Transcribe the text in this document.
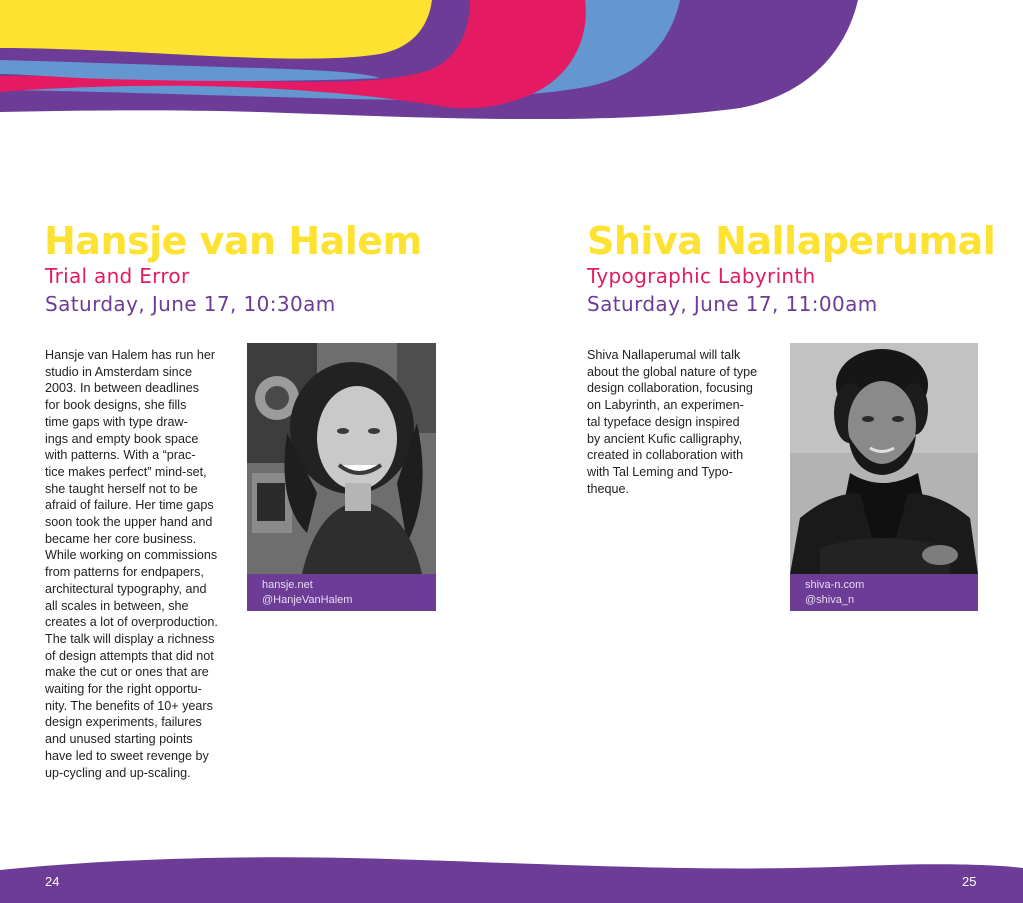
Hansje van Halem
Trial and Error
Saturday, June 17, 10:30am

Hansje van Halem has run her
studio in Amsterdam since
2003. In between deadlines
for book designs, she fills
time gaps with type draw-
ings and empty book space
with patterns. With a “prac-
tice makes perfect” mind-set,
she taught herself not to be
afraid of failure. Her time gaps
soon took the upper hand and
became her core business.
While working on commissions
from patterns for endpapers,
architectural typography, and
all scales in between, she
creates a lot of overproduction.
The talk will display a richness
of design attempts that did not
make the cut or ones that are
waiting for the right opportu-
nity. The benefits of 10+ years
design experiments, failures
and unused starting points
have led to sweet revenge by
up-cycling and up-scaling.

hansje.net
@HanjeVanHalem
Shiva Nallaperumal
Typographic Labyrinth
Saturday, June 17, 11:00am

Shiva Nallaperumal will talk
about the global nature of type
design collaboration, focusing
on Labyrinth, an experimen-
tal typeface design inspired
by ancient Kufic calligraphy,
created in collaboration with
with Tal Leming and Typo-
theque.

shiva-n.com
@shiva_n
24	25
